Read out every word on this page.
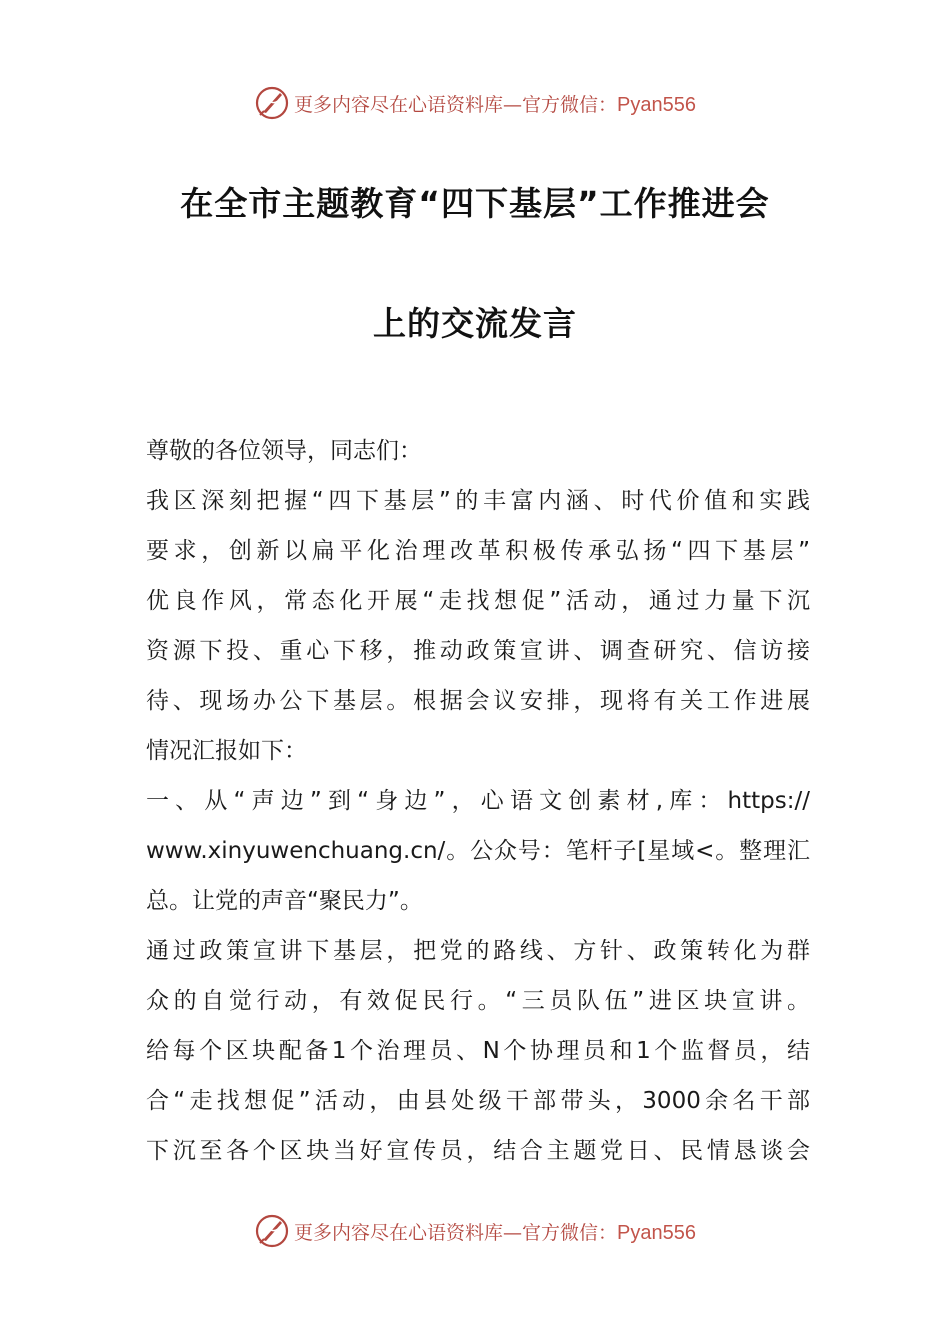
更多内容尽在心语资料库—官方微信：Pyan556
在全市主题教育“四下基层”工作推进会
上的交流发言
尊敬的各位领导，同志们：
我区深刻把握“四下基层”的丰富内涵、时代价值和实践
要求，创新以扁平化治理改革积极传承弘扬“四下基层”
优良作风，常态化开展“走找想促”活动，通过力量下沉
资源下投、重心下移，推动政策宣讲、调查研究、信访接
待、现场办公下基层。根据会议安排，现将有关工作进展
情况汇报如下：
一、从“声边”到“身边”，心语文创素材,库：https://
www.xinyuwenchuang.cn/。公众号：笔杆子[星域<。整理汇
总。让党的声音“聚民力”。
通过政策宣讲下基层，把党的路线、方针、政策转化为群
众的自觉行动，有效促民行。“三员队伍”进区块宣讲。
给每个区块配备1个治理员、N个协理员和1个监督员，结
合“走找想促”活动，由县处级干部带头，3000余名干部
下沉至各个区块当好宣传员，结合主题党日、民情恳谈会
更多内容尽在心语资料库—官方微信：Pyan556
